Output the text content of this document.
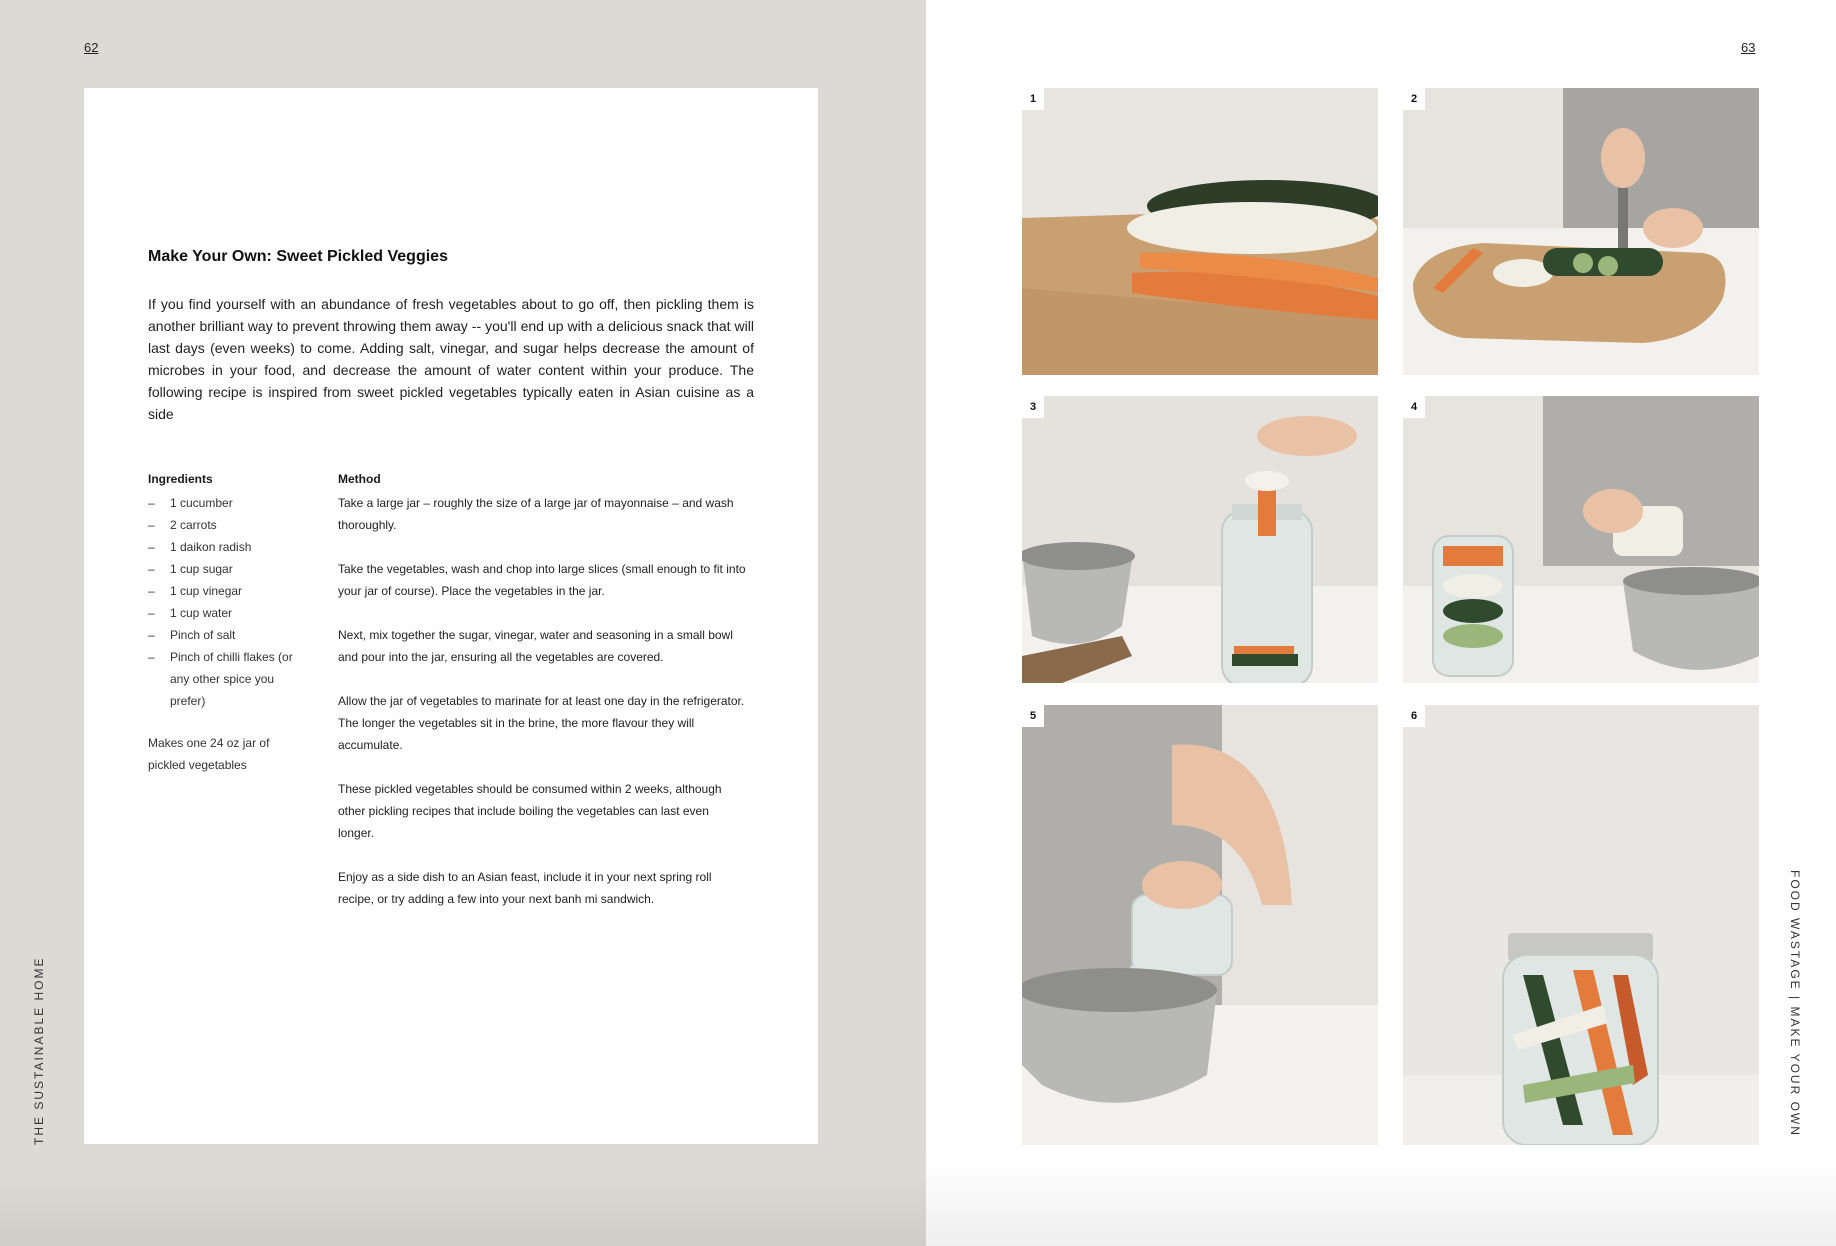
62
THE SUSTAINABLE HOME
Make Your Own: Sweet Pickled Veggies

If you find yourself with an abundance of fresh vegetables about to go off, then pickling them is another brilliant way to prevent throwing them away -- you'll end up with a delicious snack that will last days (even weeks) to come. Adding salt, vinegar, and sugar helps decrease the amount of microbes in your food, and decrease the amount of water content within your produce. The following recipe is inspired from sweet pickled vegetables typically eaten in Asian cuisine as a side

Ingredients
– 1 cucumber
– 2 carrots
– 1 daikon radish
– 1 cup sugar
– 1 cup vinegar
– 1 cup water
– Pinch of salt
– Pinch of chilli flakes (or any other spice you prefer)

Makes one 24 oz jar of pickled vegetables

Method

Take a large jar – roughly the size of a large jar of mayonnaise – and wash thoroughly.

Take the vegetables, wash and chop into large slices (small enough to fit into your jar of course). Place the vegetables in the jar.

Next, mix together the sugar, vinegar, water and seasoning in a small bowl and pour into the jar, ensuring all the vegetables are covered.

Allow the jar of vegetables to marinate for at least one day in the refrigerator. The longer the vegetables sit in the brine, the more flavour they will accumulate.

These pickled vegetables should be consumed within 2 weeks, although other pickling recipes that include boiling the vegetables can last even longer.

Enjoy as a side dish to an Asian feast, include it in your next spring roll recipe, or try adding a few into your next banh mi sandwich.

63
FOOD WASTAGE | MAKE YOUR OWN
1	2
3	4
5	6
